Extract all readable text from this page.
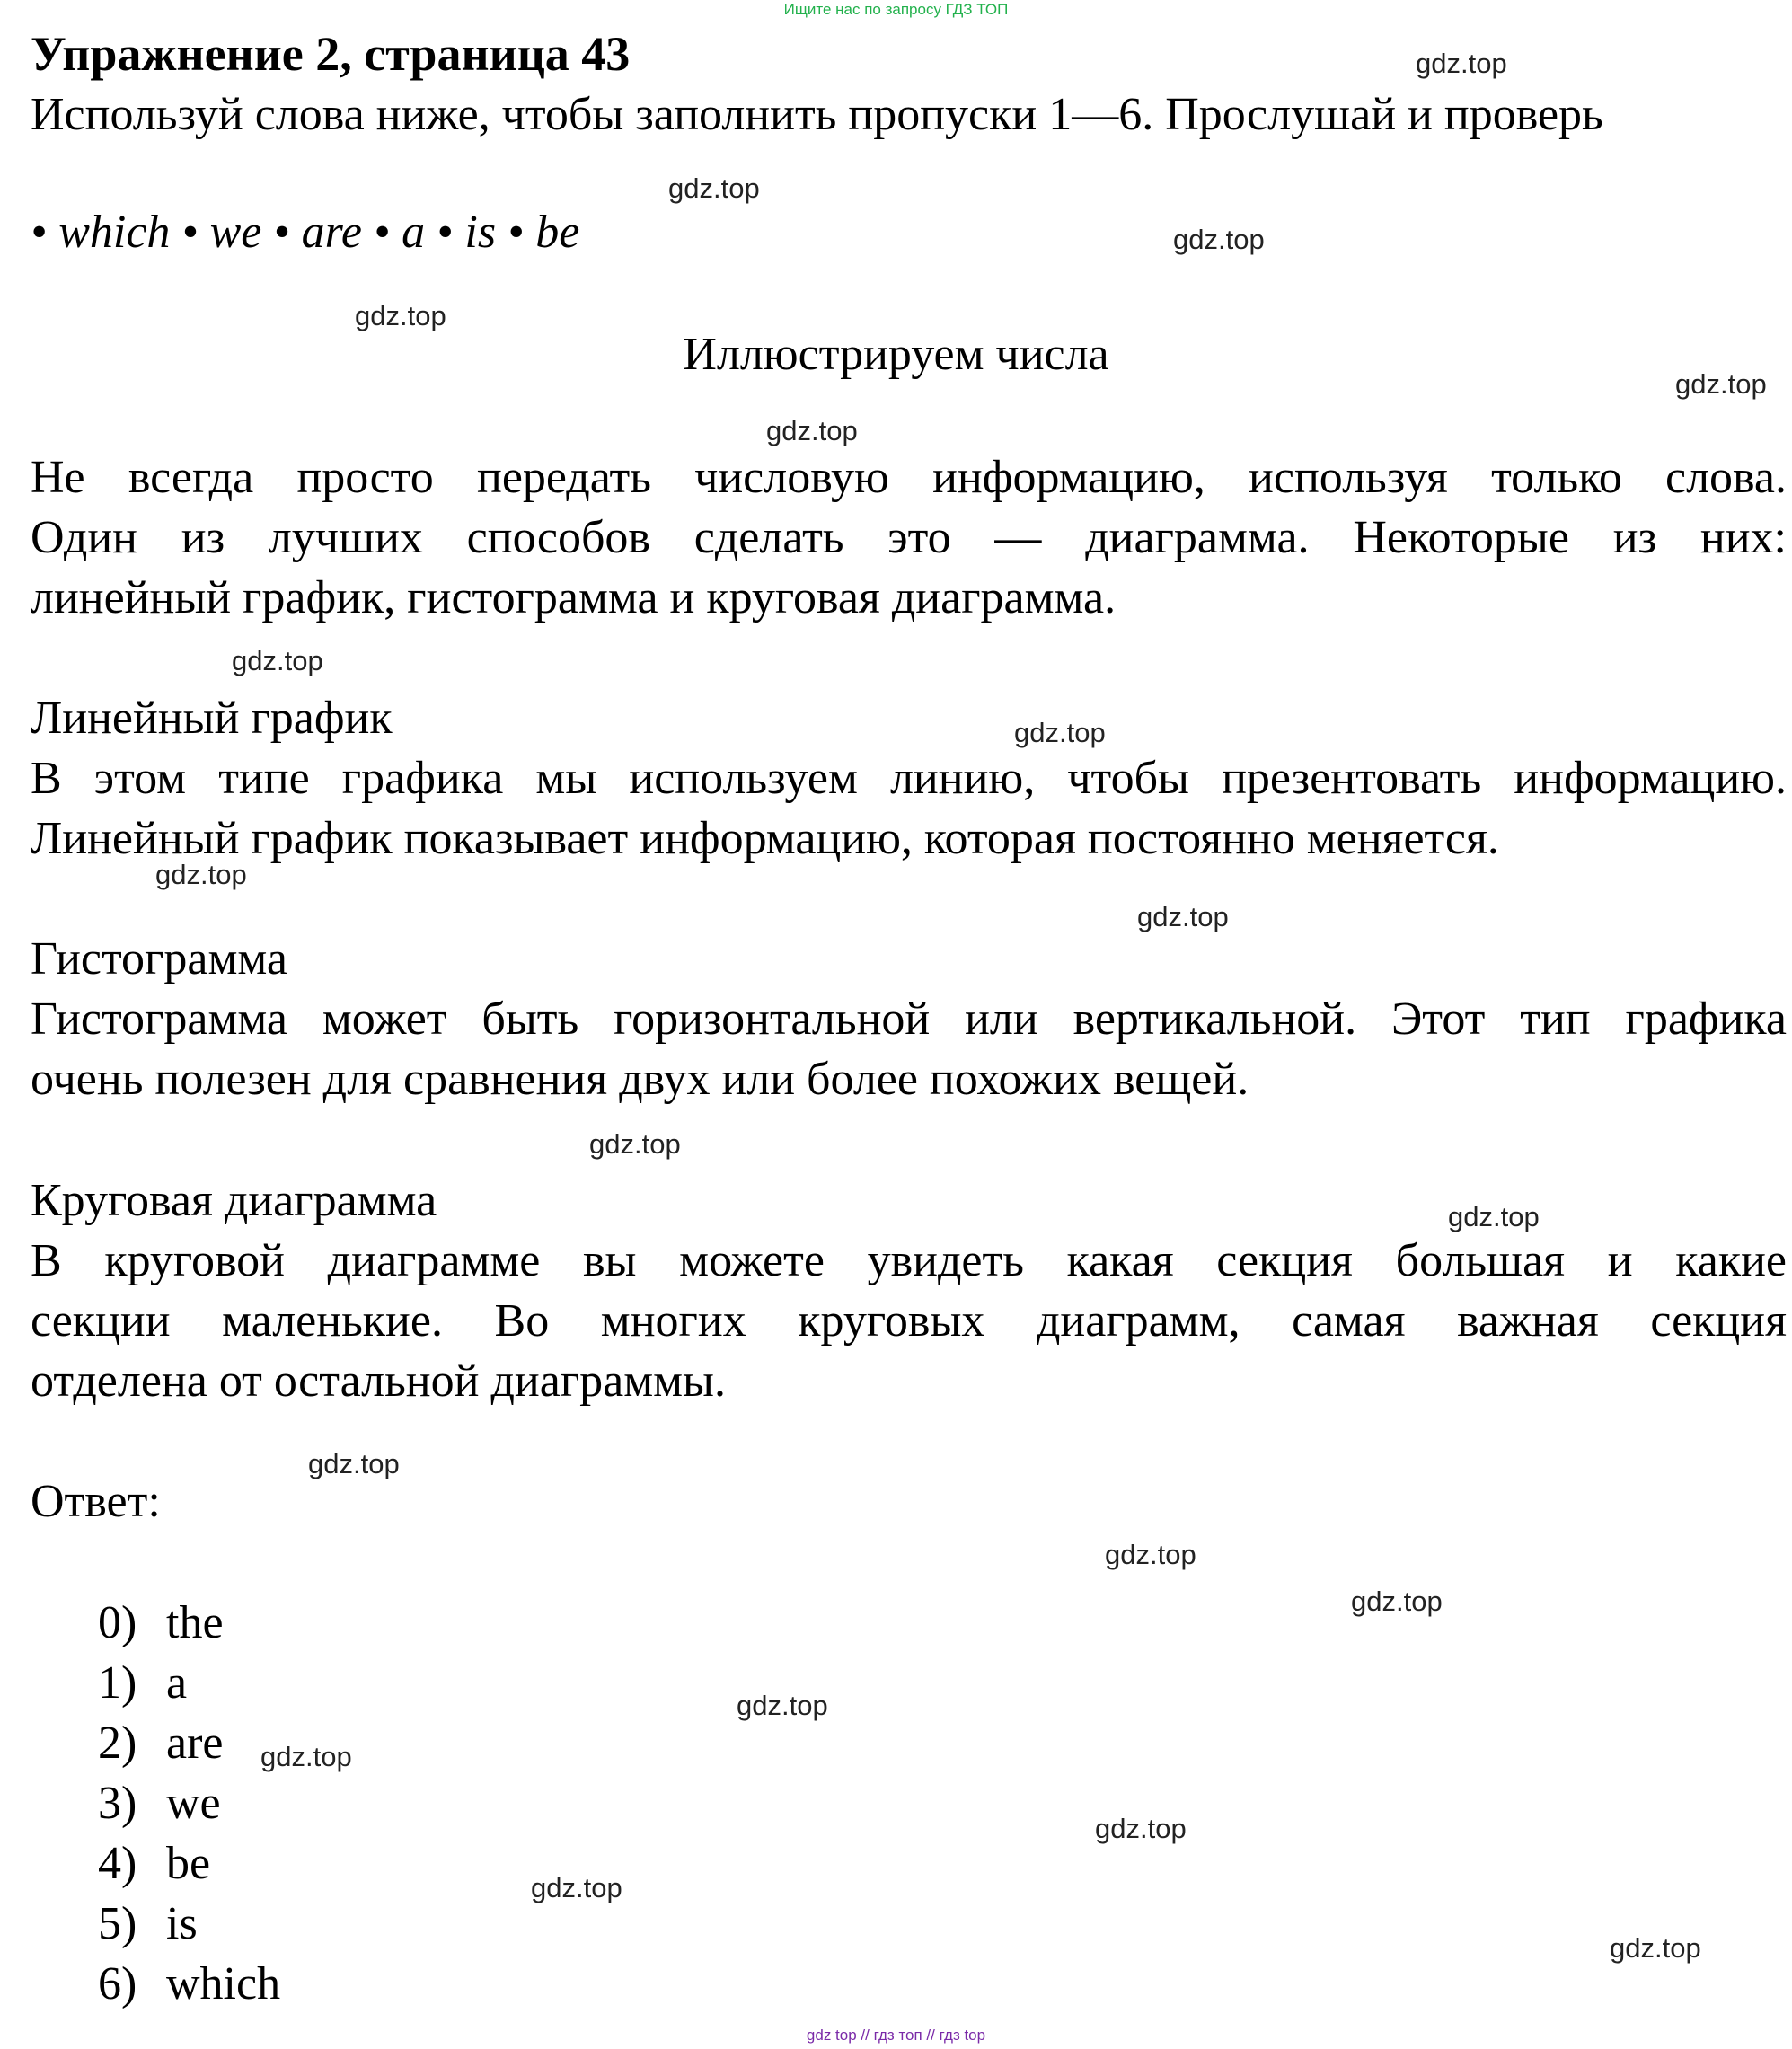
Ищите нас по запросу ГДЗ ТОП
Упражнение 2, страница 43
Используй слова ниже, чтобы заполнить пропуски 1—6. Прослушай и проверь
• which • we • are • a • is • be
Иллюстрируем числа
Не всегда просто передать числовую информацию, используя только слова.
Один из лучших способов сделать это — диаграмма. Некоторые из них:
линейный график, гистограмма и круговая диаграмма.
Линейный график
В этом типе графика мы используем линию, чтобы презентовать информацию.
Линейный график показывает информацию, которая постоянно меняется.
Гистограмма
Гистограмма может быть горизонтальной или вертикальной. Этот тип графика
очень полезен для сравнения двух или более похожих вещей.
Круговая диаграмма
В круговой диаграмме вы можете увидеть какая секция большая и какие
секции маленькие. Во многих круговых диаграмм, самая важная секция
отделена от остальной диаграммы.
Ответ:
0) the
1) a
2) are
3) we
4) be
5) is
6) which
gdz.top
gdz.top
gdz.top
gdz.top
gdz.top
gdz.top
gdz.top
gdz.top
gdz.top
gdz.top
gdz.top
gdz.top
gdz.top
gdz.top
gdz.top
gdz.top
gdz.top
gdz.top
gdz.top
gdz.top
gdz top // гдз топ // гдз top
